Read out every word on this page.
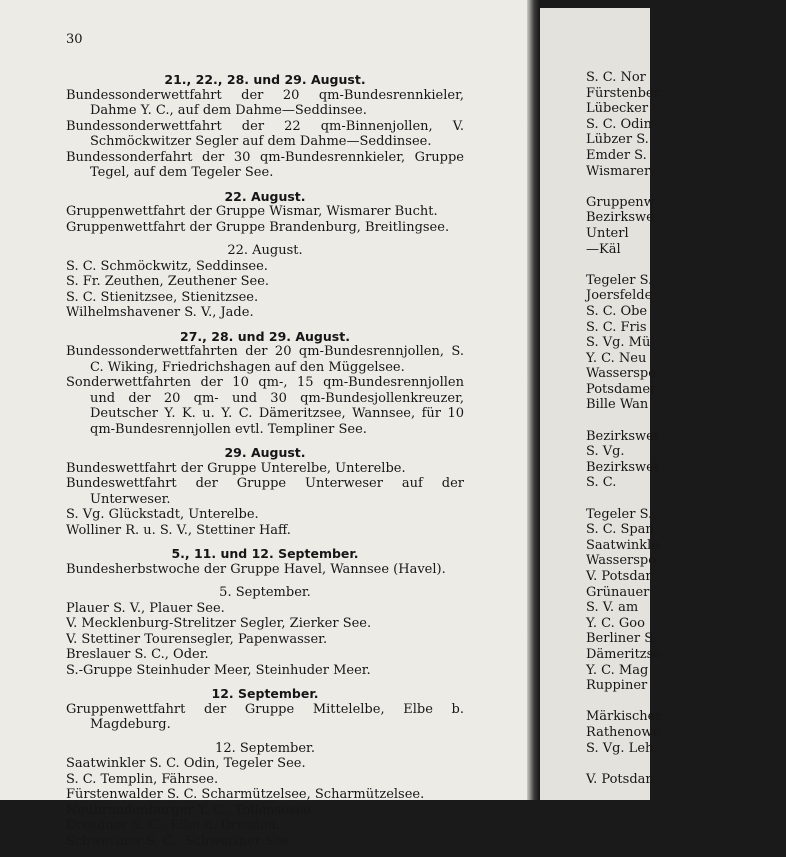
30
21., 22., 28. und 29. August.
Bundessonderwettfahrt der 20 qm-Bundesrennkieler, Dahme Y. C., auf dem Dahme—Seddinsee.
Bundessonderwettfahrt der 22 qm-Binnenjollen, V. Schmöckwitzer Segler auf dem Dahme—Seddinsee.
Bundessonderfahrt der 30 qm-Bundesrennkieler, Gruppe Tegel, auf dem Tegeler See.
22. August.
Gruppenwettfahrt der Gruppe Wismar, Wismarer Bucht.
Gruppenwettfahrt der Gruppe Brandenburg, Breitlingsee.
22. August.
S. C. Schmöckwitz, Seddinsee.
S. Fr. Zeuthen, Zeuthener See.
S. C. Stienitzsee, Stienitzsee.
Wilhelmshavener S. V., Jade.
27., 28. und 29. August.
Bundessonderwettfahrten der 20 qm-Bundesrennjollen, S. C. Wiking, Friedrichshagen auf den Müggelsee.
Sonderwettfahrten der 10 qm-, 15 qm-Bundesrennjollen und der 20 qm- und 30 qm-Bundesjollenkreuzer, Deutscher Y. K. u. Y. C. Dämeritzsee, Wannsee, für 10 qm-Bundesrennjollen evtl. Templiner See.
29. August.
Bundeswettfahrt der Gruppe Unterelbe, Unterelbe.
Bundeswettfahrt der Gruppe Unterweser auf der Unterweser.
S. Vg. Glückstadt, Unterelbe.
Wolliner R. u. S. V., Stettiner Haff.
5., 11. und 12. September.
Bundesherbstwoche der Gruppe Havel, Wannsee (Havel).
5. September.
Plauer S. V., Plauer See.
V. Mecklenburg-Strelitzer Segler, Zierker See.
V. Stettiner Tourensegler, Papenwasser.
Breslauer S. C., Oder.
S.-Gruppe Steinhuder Meer, Steinhuder Meer.
12. September.
Gruppenwettfahrt der Gruppe Mittelelbe, Elbe b. Magdeburg.
12. September.
Saatwinkler S. C. Odin, Tegeler See.
S. C. Templin, Fährsee.
Fürstenwalder S. C. Scharmützelsee, Scharmützelsee.
Neubrandenburger Y. C., Tollensesee.
Dresdner S. C., Elbe n. Dresden.
Schweriner S. C., Schweriner See.
S. C. Nor
Fürstenber
Lübecker
S. C. Odin
Lübzer S.
Emder S.
Wismarer
Gruppenw
Bezirkswe
Unterl
—Käl
Tegeler S.
Joersfelde
S. C. Obe
S. C. Fris
S. Vg. Mü
Y. C. Neu
Wasserspo
Potsdamer
Bille Wan
Bezirkswet
S. Vg.
Bezirkswet
S. C.
Tegeler S.
S. C. Span
Saatwinkle
Wasserspo
V. Potsdar
Grünauer
S. V. am
Y. C. Goo
Berliner S.
Dämeritzse
Y. C. Mag
Ruppiner
Märkischer
Rathenowe
S. Vg. Leh
V. Potsdar
